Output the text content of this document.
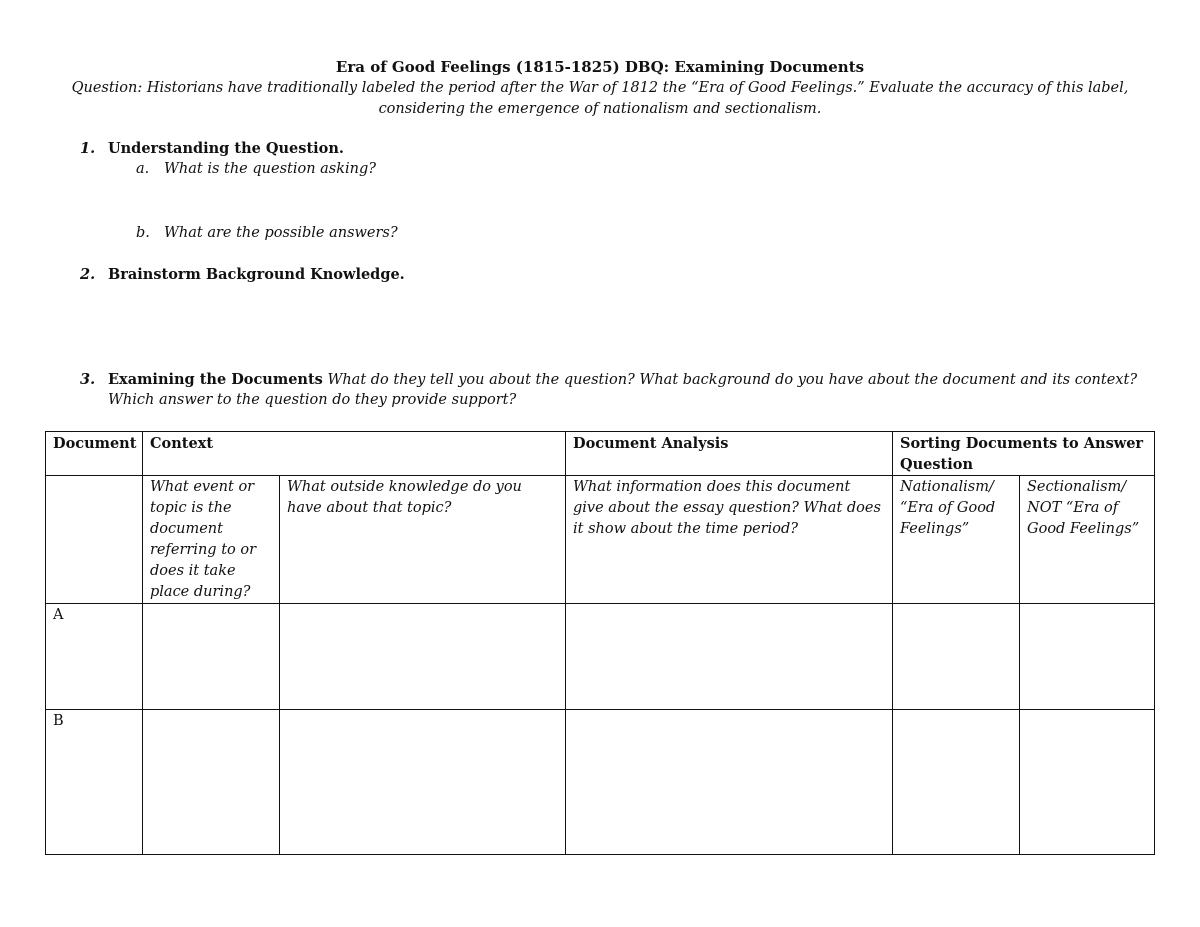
Era of Good Feelings (1815-1825) DBQ: Examining Documents
Question: Historians have traditionally labeled the period after the War of 1812 the “Era of Good Feelings.” Evaluate the accuracy of this label,
considering the emergence of nationalism and sectionalism.
1. Understanding the Question.
a. What is the question asking?
b. What are the possible answers?
2. Brainstorm Background Knowledge.
3. Examining the Documents What do they tell you about the question? What background do you have about the document and its context?
Which answer to the question do they provide support?
Document	Context		Document Analysis	Sorting Documents to Answer Question	
	What event or topic is the document referring to or does it take place during?	What outside knowledge do you have about that topic?	What information does this document give about the essay question? What does it show about the time period?	Nationalism/ “Era of Good Feelings”	Sectionalism/ NOT “Era of Good Feelings”
A					
B					
